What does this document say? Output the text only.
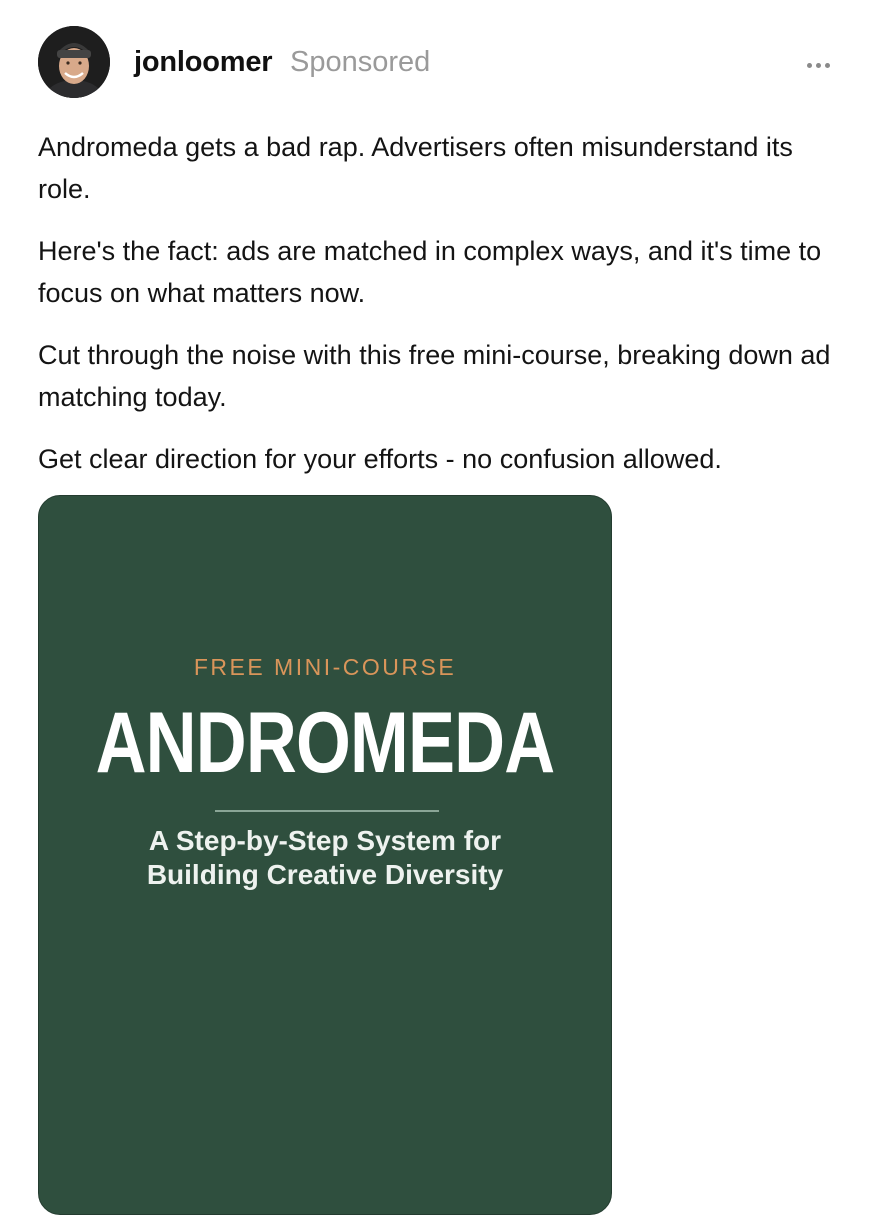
jonloomer Sponsored

Andromeda gets a bad rap. Advertisers often misunderstand its role.

Here's the fact: ads are matched in complex ways, and it's time to focus on what matters now.

Cut through the noise with this free mini-course, breaking down ad matching today.

Get clear direction for your efforts - no confusion allowed.

FREE MINI-COURSE
ANDROMEDA
A Step-by-Step System for
Building Creative Diversity
